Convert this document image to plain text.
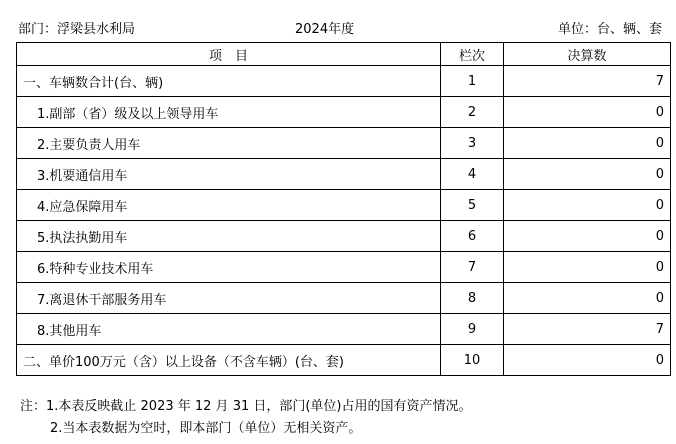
部门：浮梁县水利局	2024年度	单位：台、辆、套
项　目	栏次	决算数
一、车辆数合计(台、辆)	1	7
1.副部（省）级及以上领导用车	2	0
2.主要负责人用车	3	0
3.机要通信用车	4	0
4.应急保障用车	5	0
5.执法执勤用车	6	0
6.特种专业技术用车	7	0
7.离退休干部服务用车	8	0
8.其他用车	9	7
二、单价100万元（含）以上设备（不含车辆）(台、套)	10	0
注：1.本表反映截止 2023 年 12 月 31 日，部门(单位)占用的国有资产情况。
2.当本表数据为空时，即本部门（单位）无相关资产。
